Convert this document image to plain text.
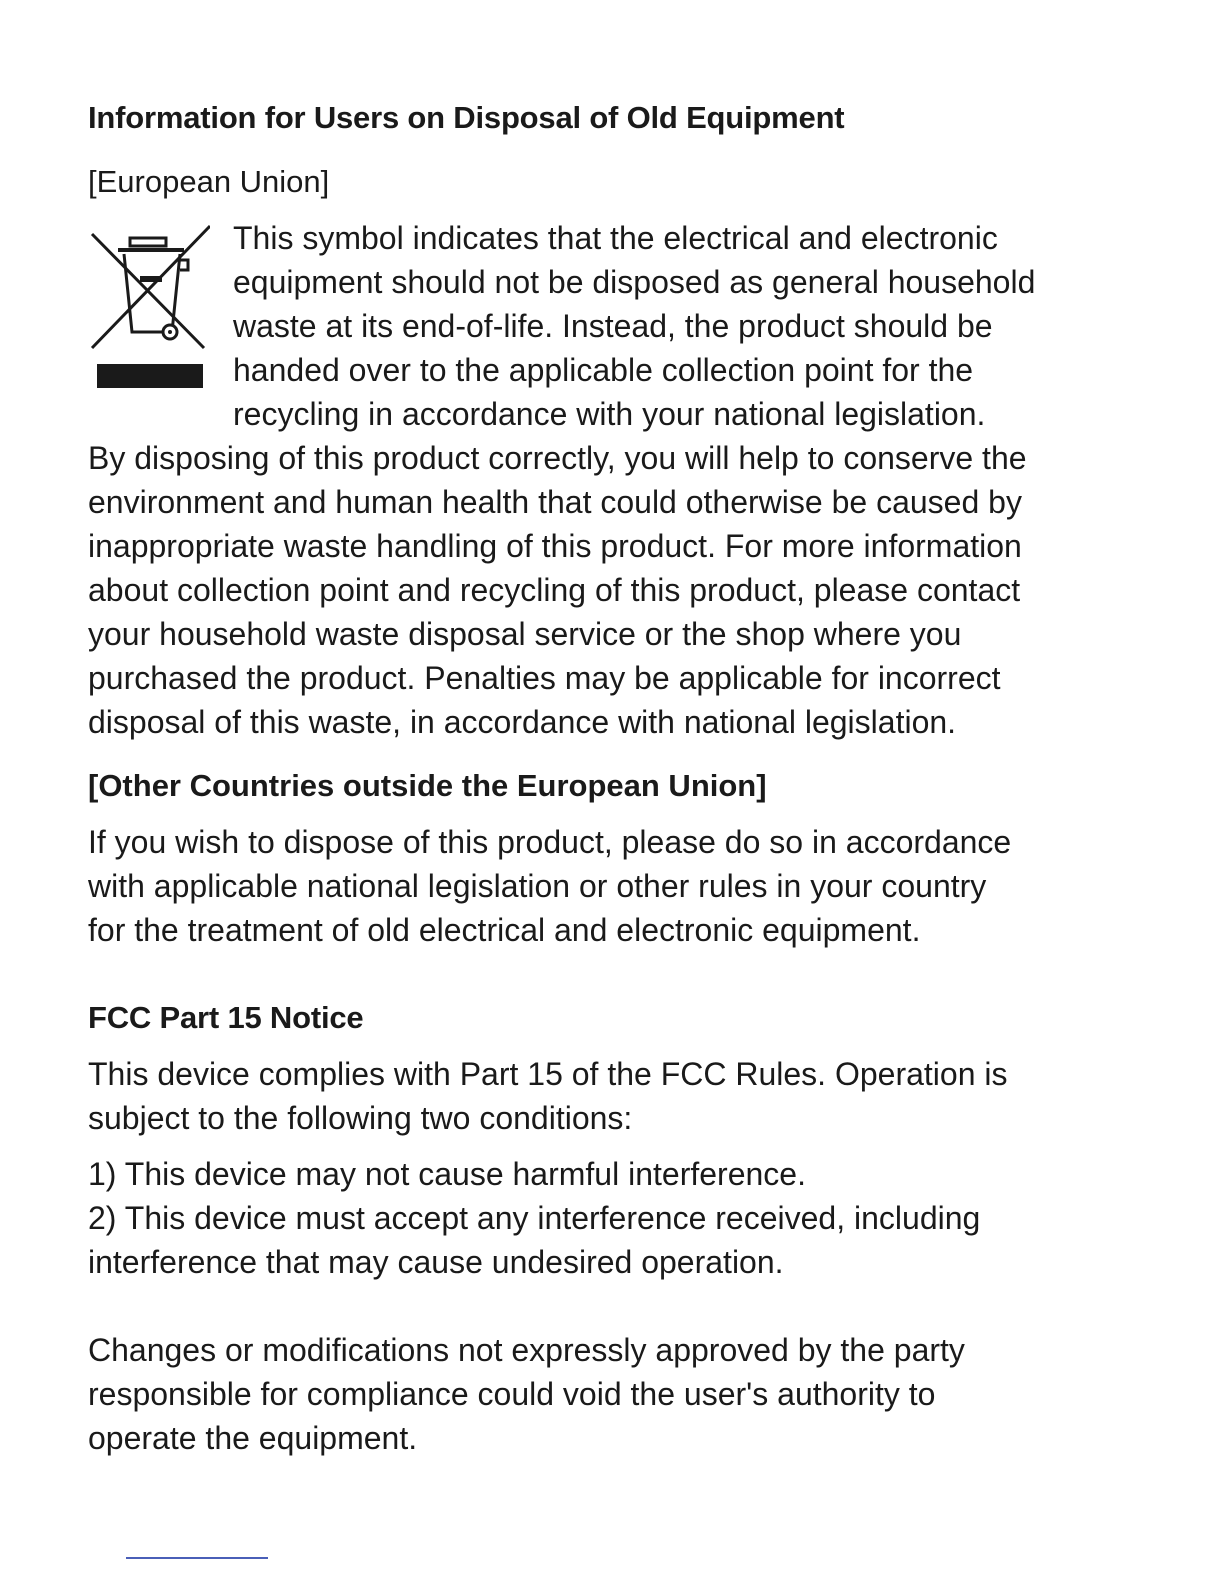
Information for Users on Disposal of Old Equipment
[European Union]
This symbol indicates that the electrical and electronic
equipment should not be disposed as general household
waste at its end-of-life. Instead, the product should be
handed over to the applicable collection point for the
recycling in accordance with your national legislation.
By disposing of this product correctly, you will help to conserve the
environment and human health that could otherwise be caused by
inappropriate waste handling of this product. For more information
about collection point and recycling of this product, please contact
your household waste disposal service or the shop where you
purchased the product. Penalties may be applicable for incorrect
disposal of this waste, in accordance with national legislation.
[Other Countries outside the European Union]
If you wish to dispose of this product, please do so in accordance
with applicable national legislation or other rules in your country
for the treatment of old electrical and electronic equipment.
FCC Part 15 Notice
This device complies with Part 15 of the FCC Rules. Operation is
subject to the following two conditions:
1) This device may not cause harmful interference.
2) This device must accept any interference received, including
interference that may cause undesired operation.
Changes or modifications not expressly approved by the party
responsible for compliance could void the user's authority to
operate the equipment.
